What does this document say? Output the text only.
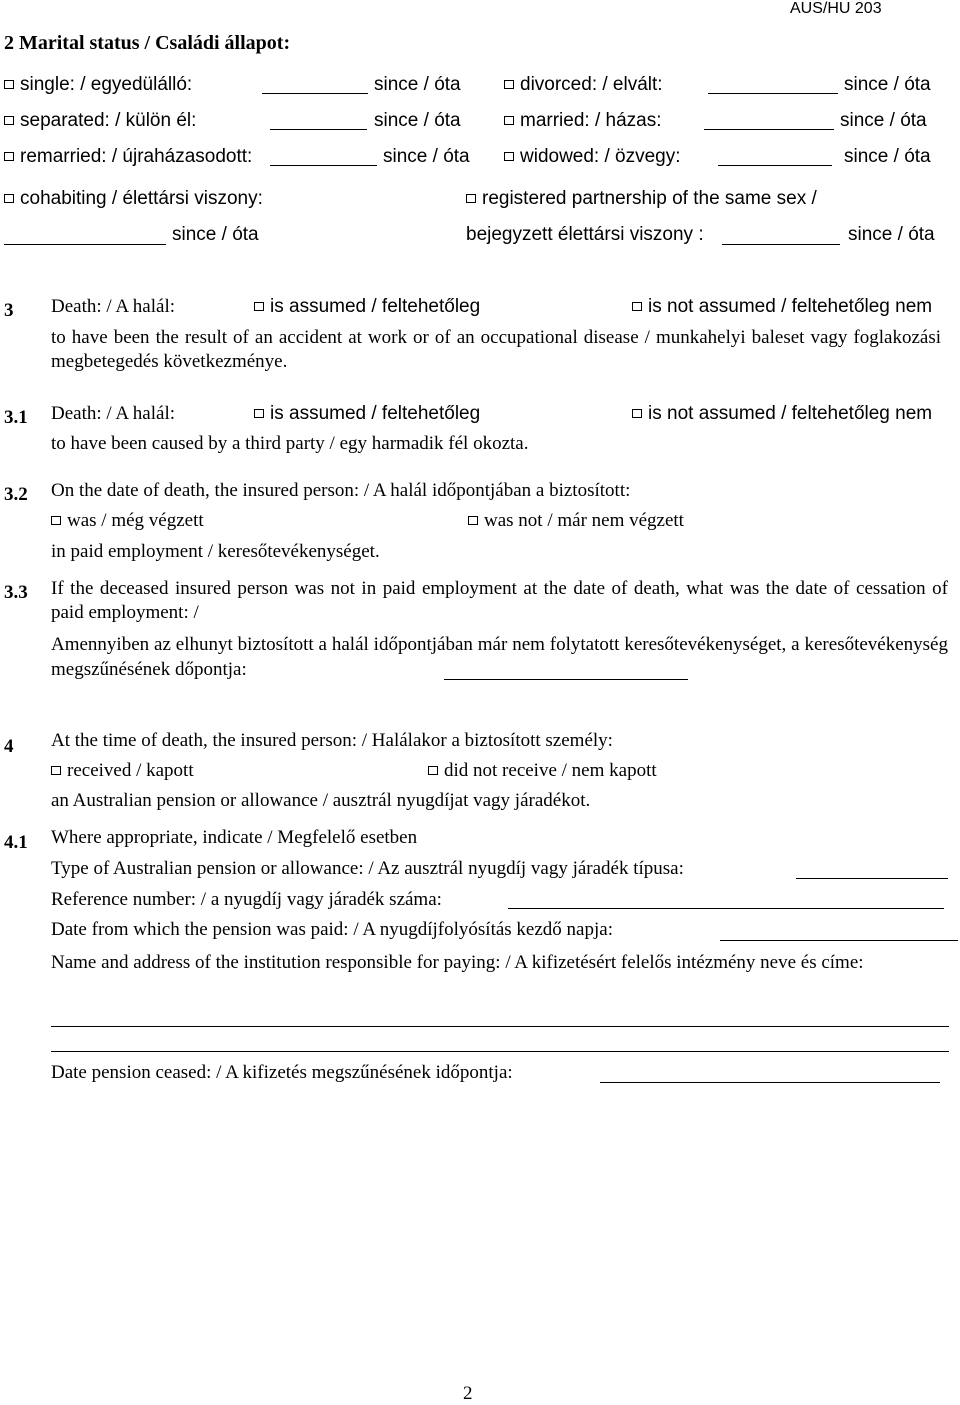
AUS/HU 203
2 Marital status / Családi állapot:
single: / egyedülálló:	since / óta	divorced: / elvált:	since / óta
separated: / külön él:	since / óta	married: / házas:	since / óta
remarried: / újraházasodott:	since / óta	widowed: / özvegy:	since / óta
cohabiting / élettársi viszony:	registered partnership of the same sex /
since / óta	bejegyzett élettársi viszony :	since / óta
3 Death: / A halál:	is assumed / feltehetőleg	is not assumed / feltehetőleg nem
to have been the result of an accident at work or of an occupational disease / munkahelyi baleset vagy foglakozási megbetegedés következménye.
3.1 Death: / A halál:	is assumed / feltehetőleg	is not assumed / feltehetőleg nem
to have been caused by a third party / egy harmadik fél okozta.
3.2 On the date of death, the insured person: / A halál időpontjában a biztosított:
was / még végzett	was not / már nem végzett
in paid employment / keresőtevékenységet.
3.3 If the deceased insured person was not in paid employment at the date of death, what was the date of cessation of paid employment: /
Amennyiben az elhunyt biztosított a halál időpontjában már nem folytatott keresőtevékenységet, a keresőtevékenység megszűnésének dőpontja:
4 At the time of death, the insured person: / Halálakor a biztosított személy:
received / kapott	did not receive / nem kapott
an Australian pension or allowance / ausztrál nyugdíjat vagy járadékot.
4.1 Where appropriate, indicate / Megfelelő esetben
Type of Australian pension or allowance: / Az ausztrál nyugdíj vagy járadék típusa:
Reference number: / a nyugdíj vagy járadék száma:
Date from which the pension was paid: / A nyugdíjfolyósítás kezdő napja:
Name and address of the institution responsible for paying: / A kifizetésért felelős intézmény neve és címe:
Date pension ceased: / A kifizetés megszűnésének időpontja:
2
